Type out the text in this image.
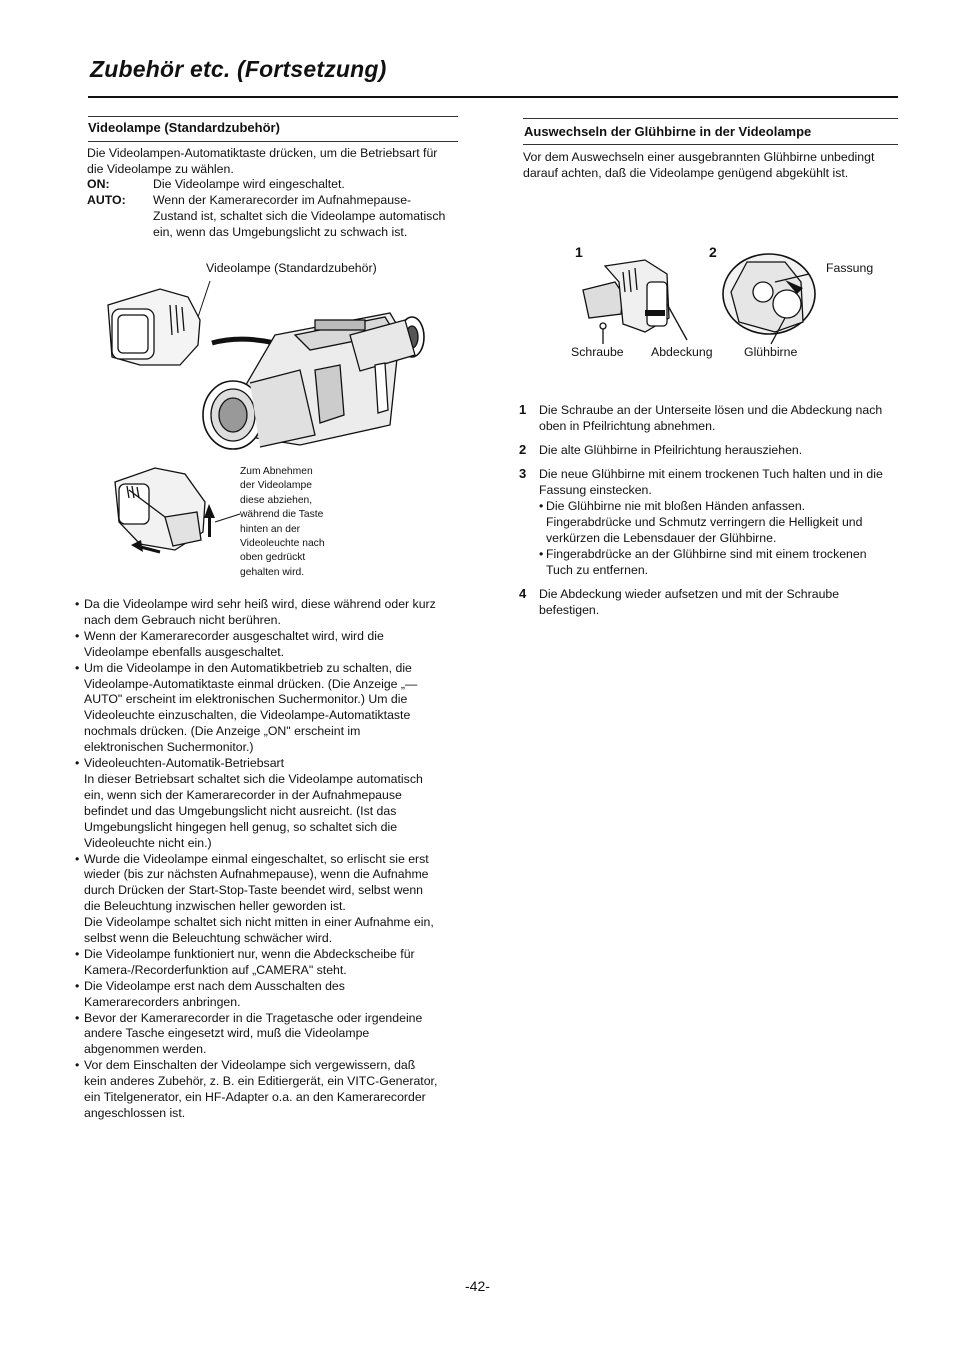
Zubehör etc. (Fortsetzung)
Videolampe (Standardzubehör)
Die Videolampen-Automatiktaste drücken, um die Betriebsart für
die Videolampe zu wählen.
ON:	Die Videolampe wird eingeschaltet.
AUTO:	Wenn der Kamerarecorder im Aufnahmepause-
Zustand ist, schaltet sich die Videolampe automatisch
ein, wenn das Umgebungslicht zu schwach ist.
Videolampe (Standardzubehör)
Zum Abnehmen
der Videolampe
diese abziehen,
während die Taste
hinten an der
Videoleuchte nach
oben gedrückt
gehalten wird.
• Da die Videolampe wird sehr heiß wird, diese während oder kurz
nach dem Gebrauch nicht berühren.
• Wenn der Kamerarecorder ausgeschaltet wird, wird die
Videolampe ebenfalls ausgeschaltet.
• Um die Videolampe in den Automatikbetrieb zu schalten, die
Videolampe-Automatiktaste einmal drücken. (Die Anzeige „—
AUTO" erscheint im elektronischen Suchermonitor.) Um die
Videoleuchte einzuschalten, die Videolampe-Automatiktaste
nochmals drücken. (Die Anzeige „ON" erscheint im
elektronischen Suchermonitor.)
• Videoleuchten-Automatik-Betriebsart
In dieser Betriebsart schaltet sich die Videolampe automatisch
ein, wenn sich der Kamerarecorder in der Aufnahmepause
befindet und das Umgebungslicht nicht ausreicht. (Ist das
Umgebungslicht hingegen hell genug, so schaltet sich die
Videoleuchte nicht ein.)
• Wurde die Videolampe einmal eingeschaltet, so erlischt sie erst
wieder (bis zur nächsten Aufnahmepause), wenn die Aufnahme
durch Drücken der Start-Stop-Taste beendet wird, selbst wenn
die Beleuchtung inzwischen heller geworden ist.
Die Videolampe schaltet sich nicht mitten in einer Aufnahme ein,
selbst wenn die Beleuchtung schwächer wird.
• Die Videolampe funktioniert nur, wenn die Abdeckscheibe für
Kamera-/Recorderfunktion auf „CAMERA" steht.
• Die Videolampe erst nach dem Ausschalten des
Kamerarecorders anbringen.
• Bevor der Kamerarecorder in die Tragetasche oder irgendeine
andere Tasche eingesetzt wird, muß die Videolampe
abgenommen werden.
• Vor dem Einschalten der Videolampe sich vergewissern, daß
kein anderes Zubehör, z. B. ein Editiergerät, ein VITC-Generator,
ein Titelgenerator, ein HF-Adapter o.a. an den Kamerarecorder
angeschlossen ist.
Auswechseln der Glühbirne in der Videolampe
Vor dem Auswechseln einer ausgebrannten Glühbirne unbedingt
darauf achten, daß die Videolampe genügend abgekühlt ist.
1	2
Fassung
Schraube Abdeckung	Glühbirne
1	Die Schraube an der Unterseite lösen und die Abdeckung nach
oben in Pfeilrichtung abnehmen.
2	Die alte Glühbirne in Pfeilrichtung herausziehen.
3	Die neue Glühbirne mit einem trockenen Tuch halten und in die
Fassung einstecken.
• Die Glühbirne nie mit bloßen Händen anfassen.
Fingerabdrücke und Schmutz verringern die Helligkeit und
verkürzen die Lebensdauer der Glühbirne.
• Fingerabdrücke an der Glühbirne sind mit einem trockenen
Tuch zu entfernen.
4	Die Abdeckung wieder aufsetzen und mit der Schraube
befestigen.
-42-
